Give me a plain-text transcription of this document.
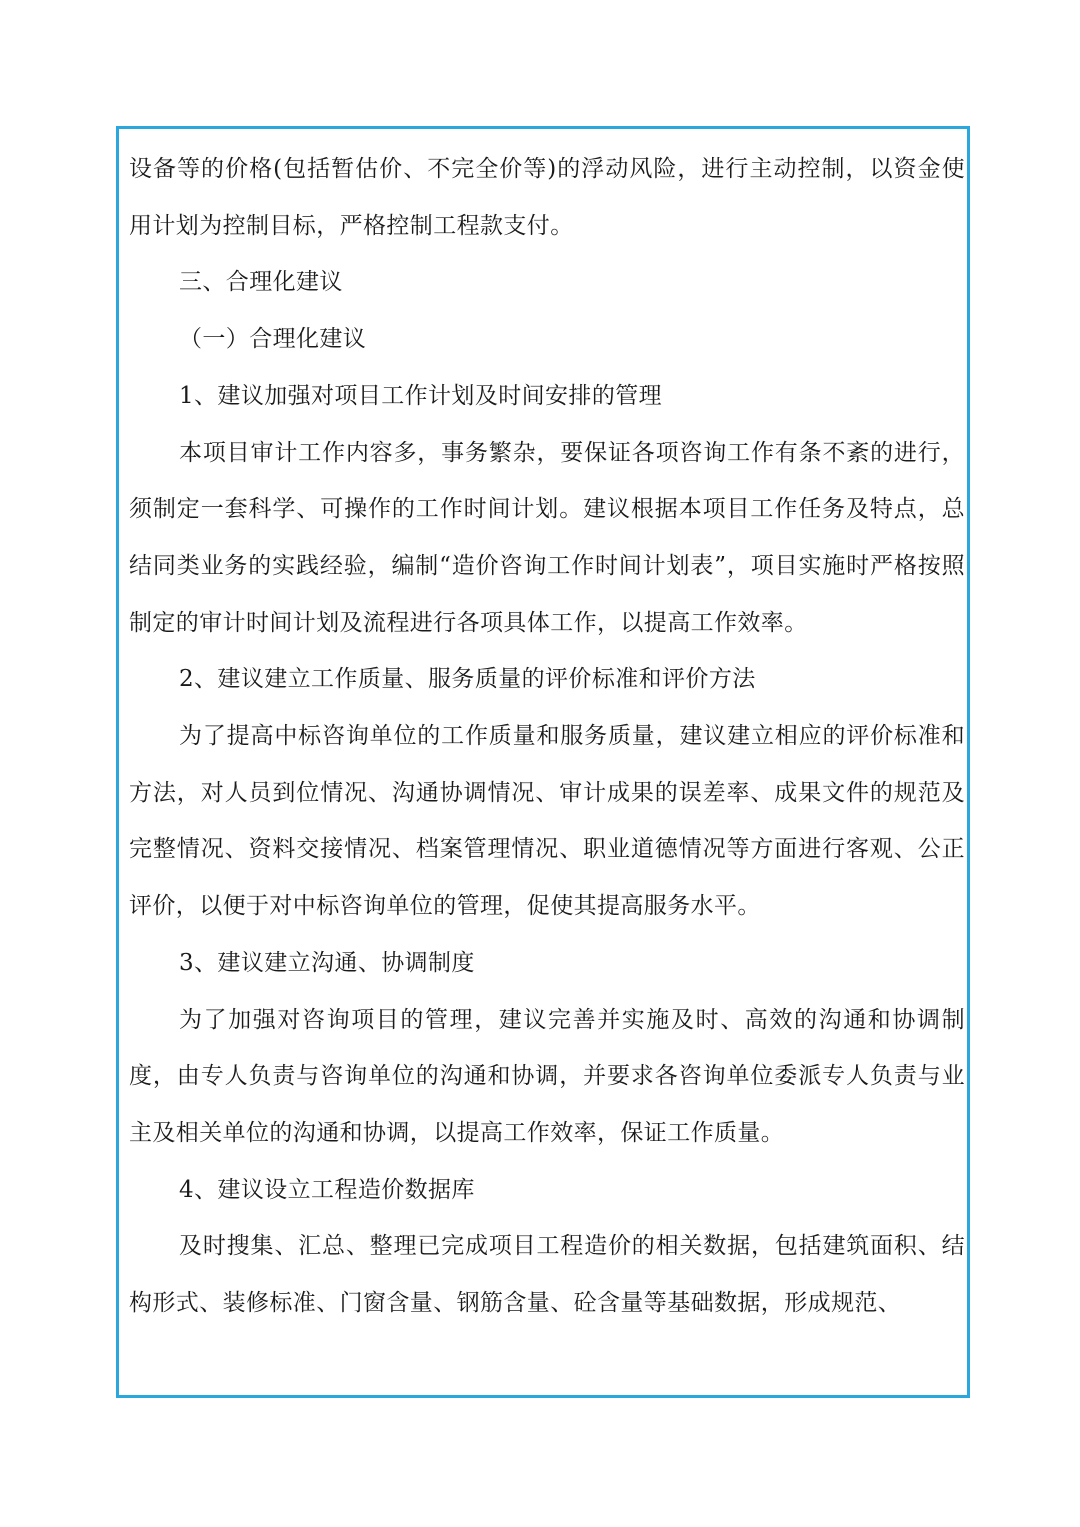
设备等的价格(包括暂估价、不完全价等)的浮动风险，进行主动控制，以资金使用计划为控制目标，严格控制工程款支付。

三、合理化建议

（一）合理化建议

1、建议加强对项目工作计划及时间安排的管理

本项目审计工作内容多，事务繁杂，要保证各项咨询工作有条不紊的进行，须制定一套科学、可操作的工作时间计划。建议根据本项目工作任务及特点，总结同类业务的实践经验，编制“造价咨询工作时间计划表”，项目实施时严格按照制定的审计时间计划及流程进行各项具体工作，以提高工作效率。

2、建议建立工作质量、服务质量的评价标准和评价方法

为了提高中标咨询单位的工作质量和服务质量，建议建立相应的评价标准和方法，对人员到位情况、沟通协调情况、审计成果的误差率、成果文件的规范及完整情况、资料交接情况、档案管理情况、职业道德情况等方面进行客观、公正评价，以便于对中标咨询单位的管理，促使其提高服务水平。

3、建议建立沟通、协调制度

为了加强对咨询项目的管理，建议完善并实施及时、高效的沟通和协调制度，由专人负责与咨询单位的沟通和协调，并要求各咨询单位委派专人负责与业主及相关单位的沟通和协调，以提高工作效率，保证工作质量。

4、建议设立工程造价数据库

及时搜集、汇总、整理已完成项目工程造价的相关数据，包括建筑面积、结构形式、装修标准、门窗含量、钢筋含量、砼含量等基础数据，形成规范、
